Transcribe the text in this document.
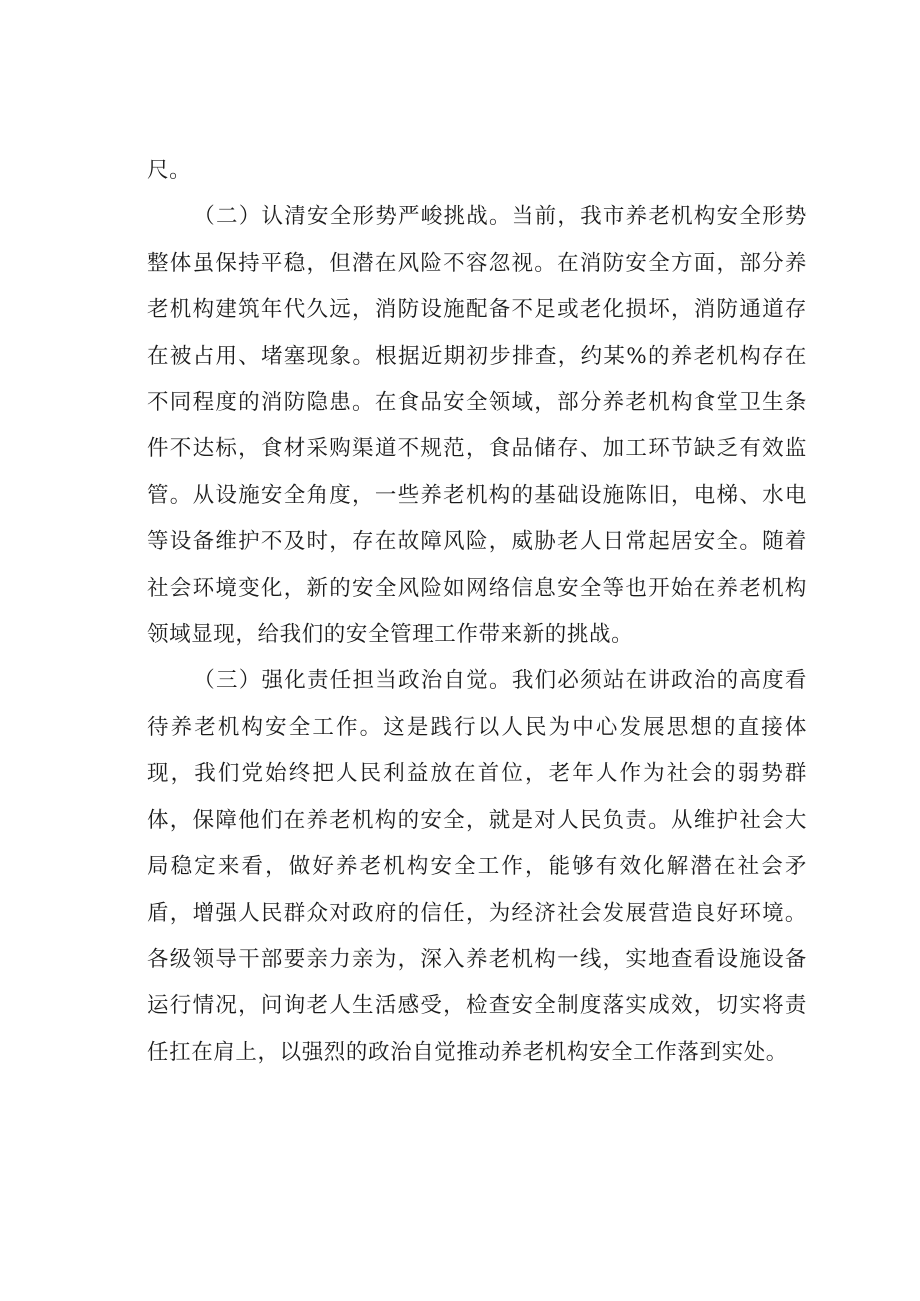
尺。

（二）认清安全形势严峻挑战。当前，我市养老机构安全形势整体虽保持平稳，但潜在风险不容忽视。在消防安全方面，部分养老机构建筑年代久远，消防设施配备不足或老化损坏，消防通道存在被占用、堵塞现象。根据近期初步排查，约某%的养老机构存在不同程度的消防隐患。在食品安全领域，部分养老机构食堂卫生条件不达标，食材采购渠道不规范，食品储存、加工环节缺乏有效监管。从设施安全角度，一些养老机构的基础设施陈旧，电梯、水电等设备维护不及时，存在故障风险，威胁老人日常起居安全。随着社会环境变化，新的安全风险如网络信息安全等也开始在养老机构领域显现，给我们的安全管理工作带来新的挑战。

（三）强化责任担当政治自觉。我们必须站在讲政治的高度看待养老机构安全工作。这是践行以人民为中心发展思想的直接体现，我们党始终把人民利益放在首位，老年人作为社会的弱势群体，保障他们在养老机构的安全，就是对人民负责。从维护社会大局稳定来看，做好养老机构安全工作，能够有效化解潜在社会矛盾，增强人民群众对政府的信任，为经济社会发展营造良好环境。各级领导干部要亲力亲为，深入养老机构一线，实地查看设施设备运行情况，问询老人生活感受，检查安全制度落实成效，切实将责任扛在肩上，以强烈的政治自觉推动养老机构安全工作落到实处。
